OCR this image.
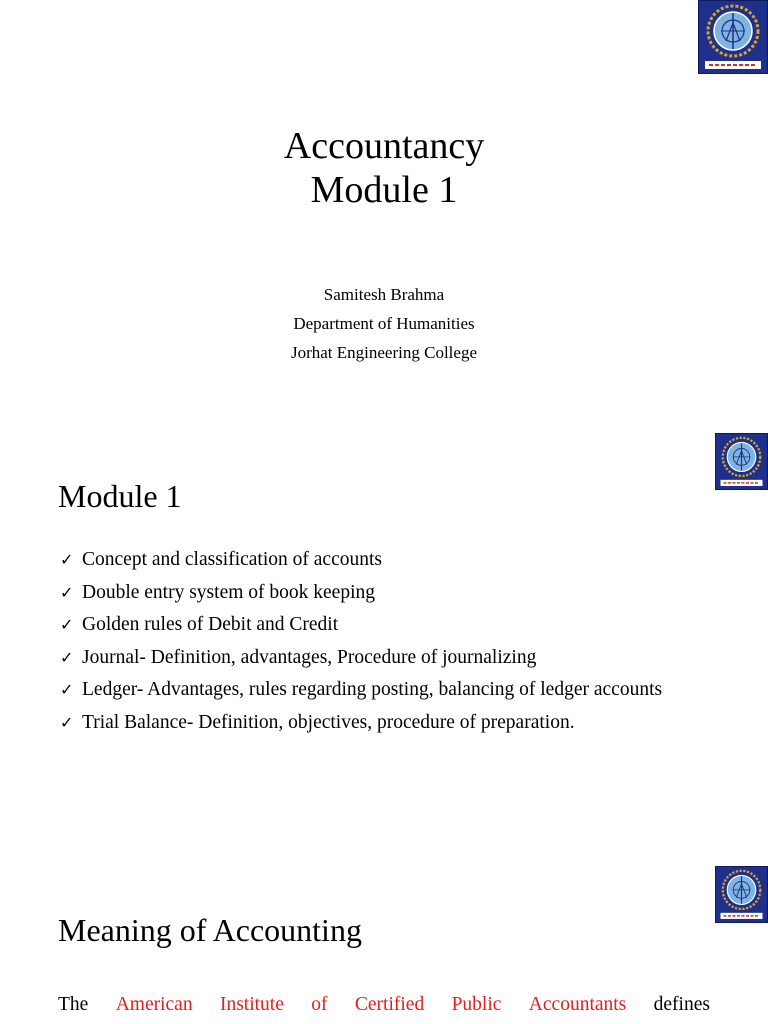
Accountancy
Module 1
Samitesh Brahma
Department of Humanities
Jorhat Engineering College
Module 1
✓ Concept and classification of accounts
✓ Double entry system of book keeping
✓ Golden rules of Debit and Credit
✓ Journal- Definition, advantages, Procedure of journalizing
✓ Ledger- Advantages, rules regarding posting, balancing of ledger accounts
✓ Trial Balance- Definition, objectives, procedure of preparation.
Meaning of Accounting
The American Institute of Certified Public Accountants defines
